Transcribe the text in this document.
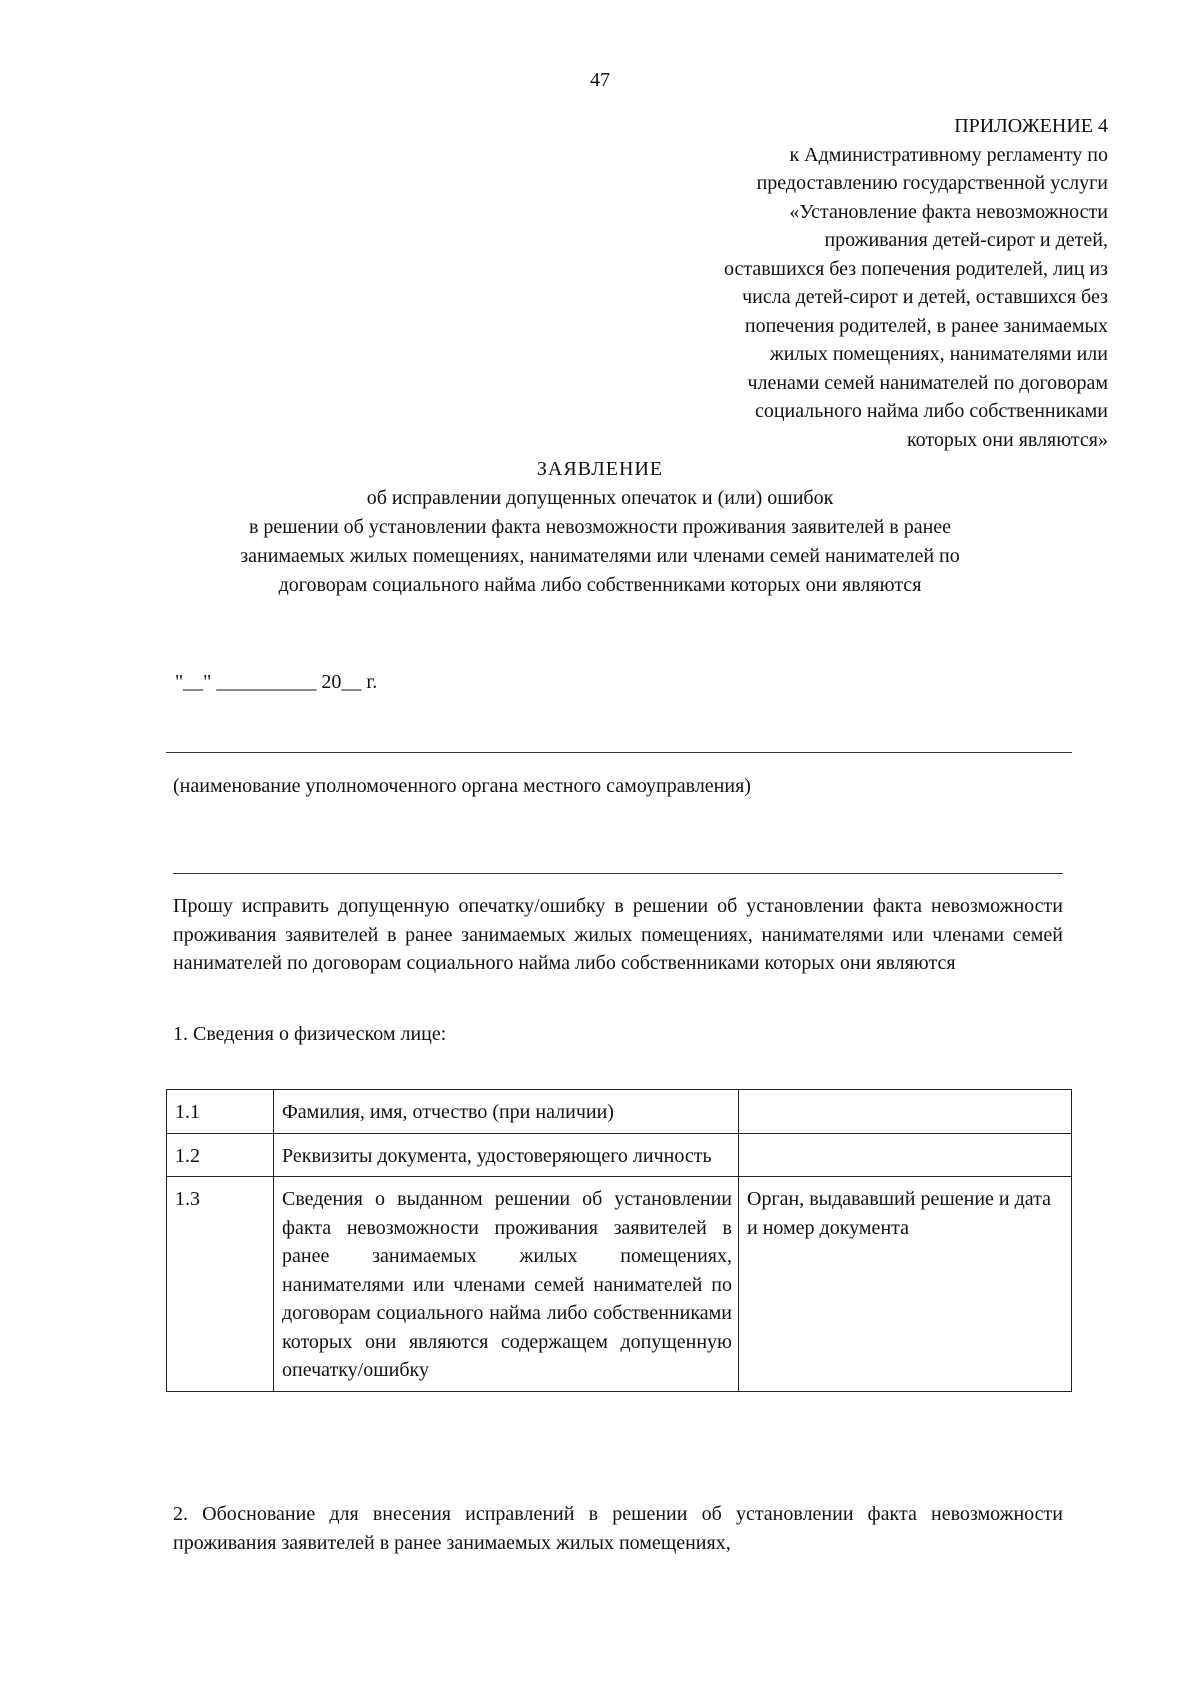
47
ПРИЛОЖЕНИЕ 4
к Административному регламенту по
предоставлению государственной услуги
«Установление факта невозможности
проживания детей-сирот и детей,
оставшихся без попечения родителей, лиц из
числа детей-сирот и детей, оставшихся без
попечения родителей, в ранее занимаемых
жилых помещениях, нанимателями или
членами семей нанимателей по договорам
социального найма либо собственниками
которых они являются»
ЗАЯВЛЕНИЕ
об исправлении допущенных опечаток и (или) ошибок
в решении об установлении факта невозможности проживания заявителей в ранее
занимаемых жилых помещениях, нанимателями или членами семей нанимателей по
договорам социального найма либо собственниками которых они являются
"__" __________ 20__ г.
(наименование уполномоченного органа местного самоуправления)
Прошу исправить допущенную опечатку/ошибку в решении об установлении факта невозможности проживания заявителей в ранее занимаемых жилых помещениях, нанимателями или членами семей нанимателей по договорам социального найма либо собственниками которых они являются
1. Сведения о физическом лице:
1.1	Фамилия, имя, отчество (при наличии)	
1.2	Реквизиты документа, удостоверяющего личность	
1.3	Сведения о выданном решении об установлении факта невозможности проживания заявителей в ранее занимаемых жилых помещениях, нанимателями или членами семей нанимателей по договорам социального найма либо собственниками которых они являются содержащем допущенную опечатку/ошибку	Орган, выдававший решение и дата и номер документа
2. Обоснование для внесения исправлений в решении об установлении факта невозможности проживания заявителей в ранее занимаемых жилых помещениях,
